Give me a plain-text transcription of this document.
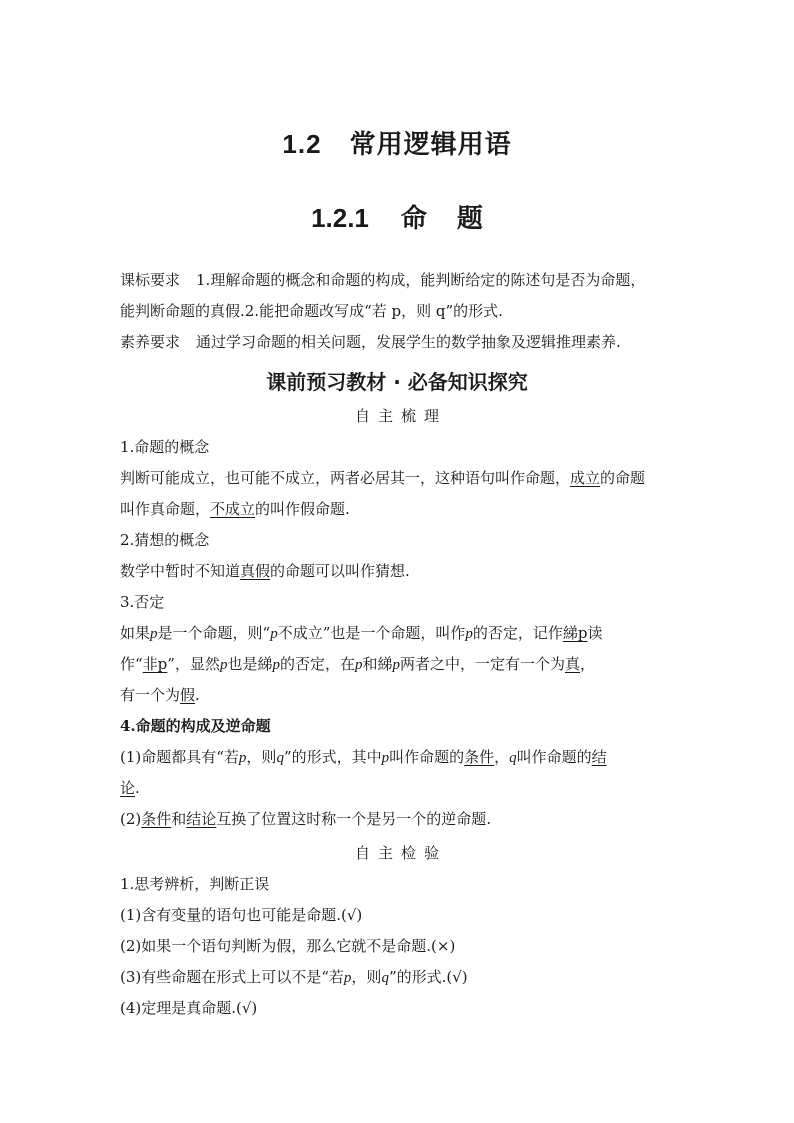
1.2 常用逻辑用语
1.2.1 命 题
课标要求 1.理解命题的概念和命题的构成，能判断给定的陈述句是否为命题，
能判断命题的真假.2.能把命题改写成“若 p，则 q”的形式.
素养要求 通过学习命题的相关问题，发展学生的数学抽象及逻辑推理素养.
课前预习教材 · 必备知识探究
自主梳理
1.命题的概念
判断可能成立，也可能不成立，两者必居其一，这种语句叫作命题，成立的命题
叫作真命题，不成立的叫作假命题.
2.猜想的概念
数学中暂时不知道真假的命题可以叫作猜想.
3.否定
如果p是一个命题，则“p不成立”也是一个命题，叫作p的否定，记作綈p读
作“非p”，显然p也是綈p的否定，在p和綈p两者之中，一定有一个为真，
有一个为假.
4.命题的构成及逆命题
(1)命题都具有“若p，则q”的形式，其中p叫作命题的条件，q叫作命题的结
论.
(2)条件和结论互换了位置这时称一个是另一个的逆命题.
自主检验
1.思考辨析，判断正误
(1)含有变量的语句也可能是命题.(√)
(2)如果一个语句判断为假，那么它就不是命题.(×)
(3)有些命题在形式上可以不是“若p，则q”的形式.(√)
(4)定理是真命题.(√)
